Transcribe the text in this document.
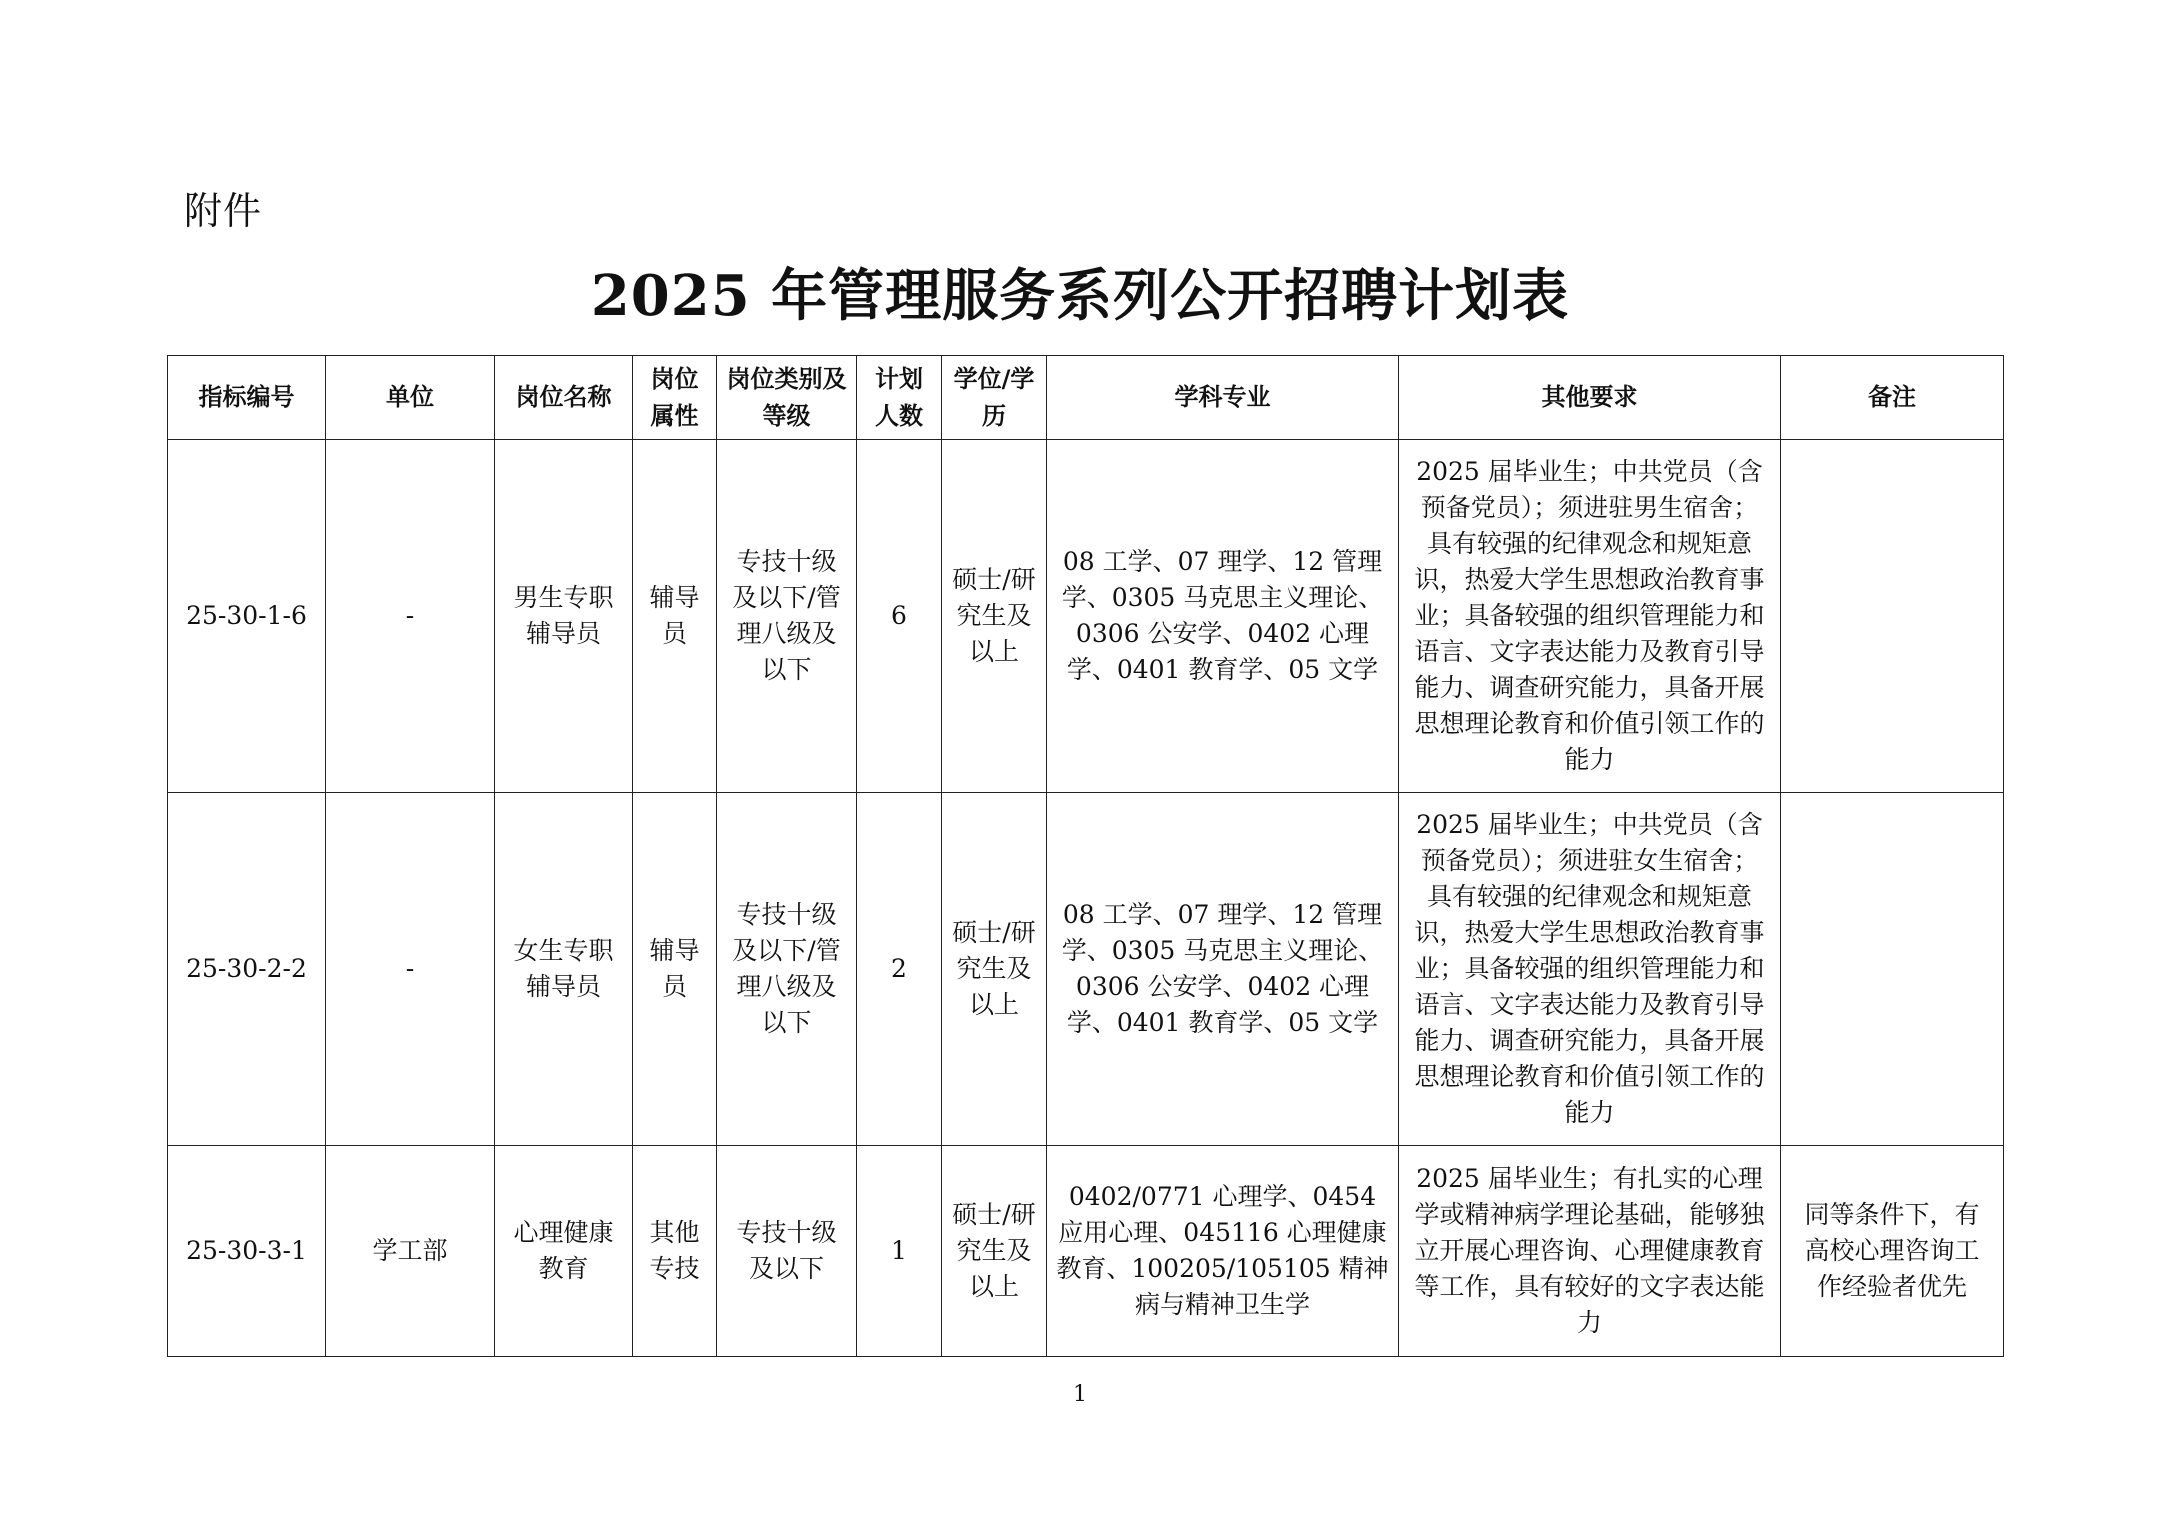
附件
2025 年管理服务系列公开招聘计划表
指标编号	单位	岗位名称	岗位属性	岗位类别及等级	计划人数	学位/学历	学科专业	其他要求	备注
25-30-1-6	-	男生专职辅导员	辅导员	专技十级及以下/管理八级及以下	6	硕士/研究生及以上	08 工学、07 理学、12 管理学、0305 马克思主义理论、0306 公安学、0402 心理学、0401 教育学、05 文学	2025 届毕业生；中共党员（含预备党员）；须进驻男生宿舍；具有较强的纪律观念和规矩意识，热爱大学生思想政治教育事业；具备较强的组织管理能力和语言、文字表达能力及教育引导能力、调查研究能力，具备开展思想理论教育和价值引领工作的能力	
25-30-2-2	-	女生专职辅导员	辅导员	专技十级及以下/管理八级及以下	2	硕士/研究生及以上	08 工学、07 理学、12 管理学、0305 马克思主义理论、0306 公安学、0402 心理学、0401 教育学、05 文学	2025 届毕业生；中共党员（含预备党员）；须进驻女生宿舍；具有较强的纪律观念和规矩意识，热爱大学生思想政治教育事业；具备较强的组织管理能力和语言、文字表达能力及教育引导能力、调查研究能力，具备开展思想理论教育和价值引领工作的能力	
25-30-3-1	学工部	心理健康教育	其他专技	专技十级及以下	1	硕士/研究生及以上	0402/0771 心理学、0454 应用心理、045116 心理健康教育、100205/105105 精神病与精神卫生学	2025 届毕业生；有扎实的心理学或精神病学理论基础，能够独立开展心理咨询、心理健康教育等工作，具有较好的文字表达能力	同等条件下，有高校心理咨询工作经验者优先
1
